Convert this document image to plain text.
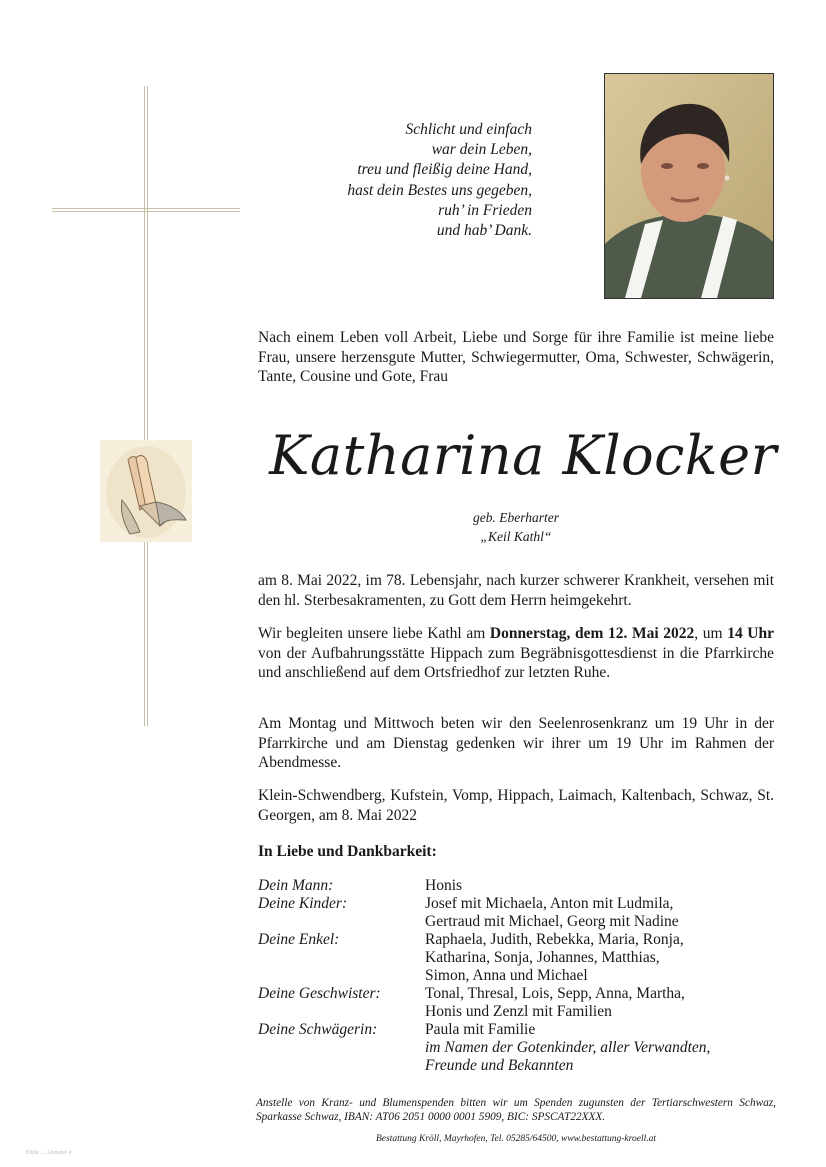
Schlicht und einfach
war dein Leben,
treu und fleißig deine Hand,
hast dein Bestes uns gegeben,
ruh’ in Frieden
und hab’ Dank.
Nach einem Leben voll Arbeit, Liebe und Sorge für ihre Familie ist meine liebe Frau, unsere herzensgute Mutter, Schwiegermutter, Oma, Schwester, Schwägerin, Tante, Cousine und Gote, Frau
Katharina Klocker
geb. Eberharter
„Keil Kathl“
am 8. Mai 2022, im 78. Lebensjahr, nach kurzer schwerer Krankheit, versehen mit den hl. Sterbesakramenten, zu Gott dem Herrn heimgekehrt.
Wir begleiten unsere liebe Kathl am Donnerstag, dem 12. Mai 2022, um 14 Uhr von der Aufbahrungsstätte Hippach zum Begräbnisgottesdienst in die Pfarrkirche und anschließend auf dem Ortsfriedhof zur letzten Ruhe.
Am Montag und Mittwoch beten wir den Seelenrosenkranz um 19 Uhr in der Pfarrkirche und am Dienstag gedenken wir ihrer um 19 Uhr im Rahmen der Abendmesse.
Klein-Schwendberg, Kufstein, Vomp, Hippach, Laimach, Kaltenbach, Schwaz, St. Georgen, am 8. Mai 2022
In Liebe und Dankbarkeit:
Dein Mann:	Honis
Deine Kinder:	Josef mit Michaela, Anton mit Ludmila,
Gertraud mit Michael, Georg mit Nadine
Deine Enkel:	Raphaela, Judith, Rebekka, Maria, Ronja,
Katharina, Sonja, Johannes, Matthias,
Simon, Anna und Michael
Deine Geschwister:	Tonal, Thresal, Lois, Sepp, Anna, Martha,
Honis und Zenzl mit Familien
Deine Schwägerin:	Paula mit Familie
im Namen der Gotenkinder, aller Verwandten,
Freunde und Bekannten
Anstelle von Kranz- und Blumenspenden bitten wir um Spenden zugunsten der Tertiarschwestern Schwaz, Sparkasse Schwaz, IBAN: AT06 2051 0000 0001 5909, BIC: SPSCAT22XXX.
Bestattung Kröll, Mayrhofen, Tel. 05285/64500, www.bestattung-kroell.at
Ehrle ... Abender 4
